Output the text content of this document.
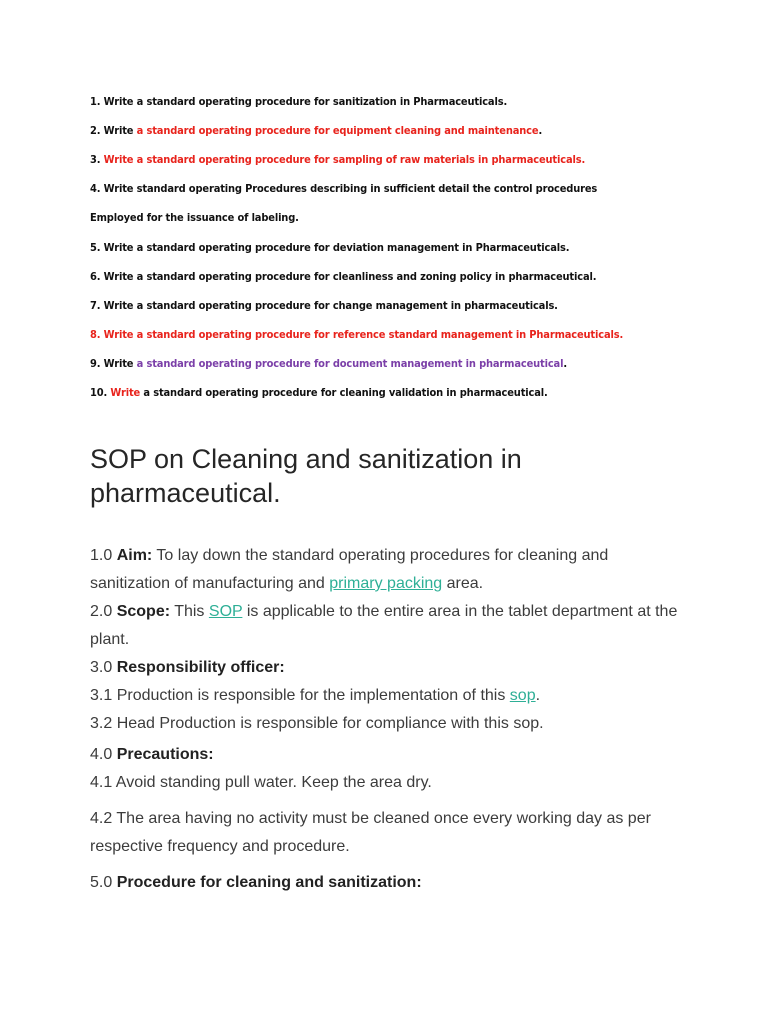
1. Write a standard operating procedure for sanitization in Pharmaceuticals.
2. Write a standard operating procedure for equipment cleaning and maintenance.
3. Write a standard operating procedure for sampling of raw materials in pharmaceuticals.
4. Write standard operating Procedures describing in sufficient detail the control procedures
Employed for the issuance of labeling.
5. Write a standard operating procedure for deviation management in Pharmaceuticals.
6. Write a standard operating procedure for cleanliness and zoning policy in pharmaceutical.
7. Write a standard operating procedure for change management in pharmaceuticals.
8. Write a standard operating procedure for reference standard management in Pharmaceuticals.
9. Write a standard operating procedure for document management in pharmaceutical.
10. Write a standard operating procedure for cleaning validation in pharmaceutical.
SOP on Cleaning and sanitization in pharmaceutical.

1.0 Aim: To lay down the standard operating procedures for cleaning and sanitization of manufacturing and primary packing area.

2.0 Scope: This SOP is applicable to the entire area in the tablet department at the plant.

3.0 Responsibility officer:

3.1 Production is responsible for the implementation of this sop.

3.2 Head Production is responsible for compliance with this sop.

4.0 Precautions:

4.1 Avoid standing pull water. Keep the area dry.

4.2 The area having no activity must be cleaned once every working day as per respective frequency and procedure.

5.0 Procedure for cleaning and sanitization:
